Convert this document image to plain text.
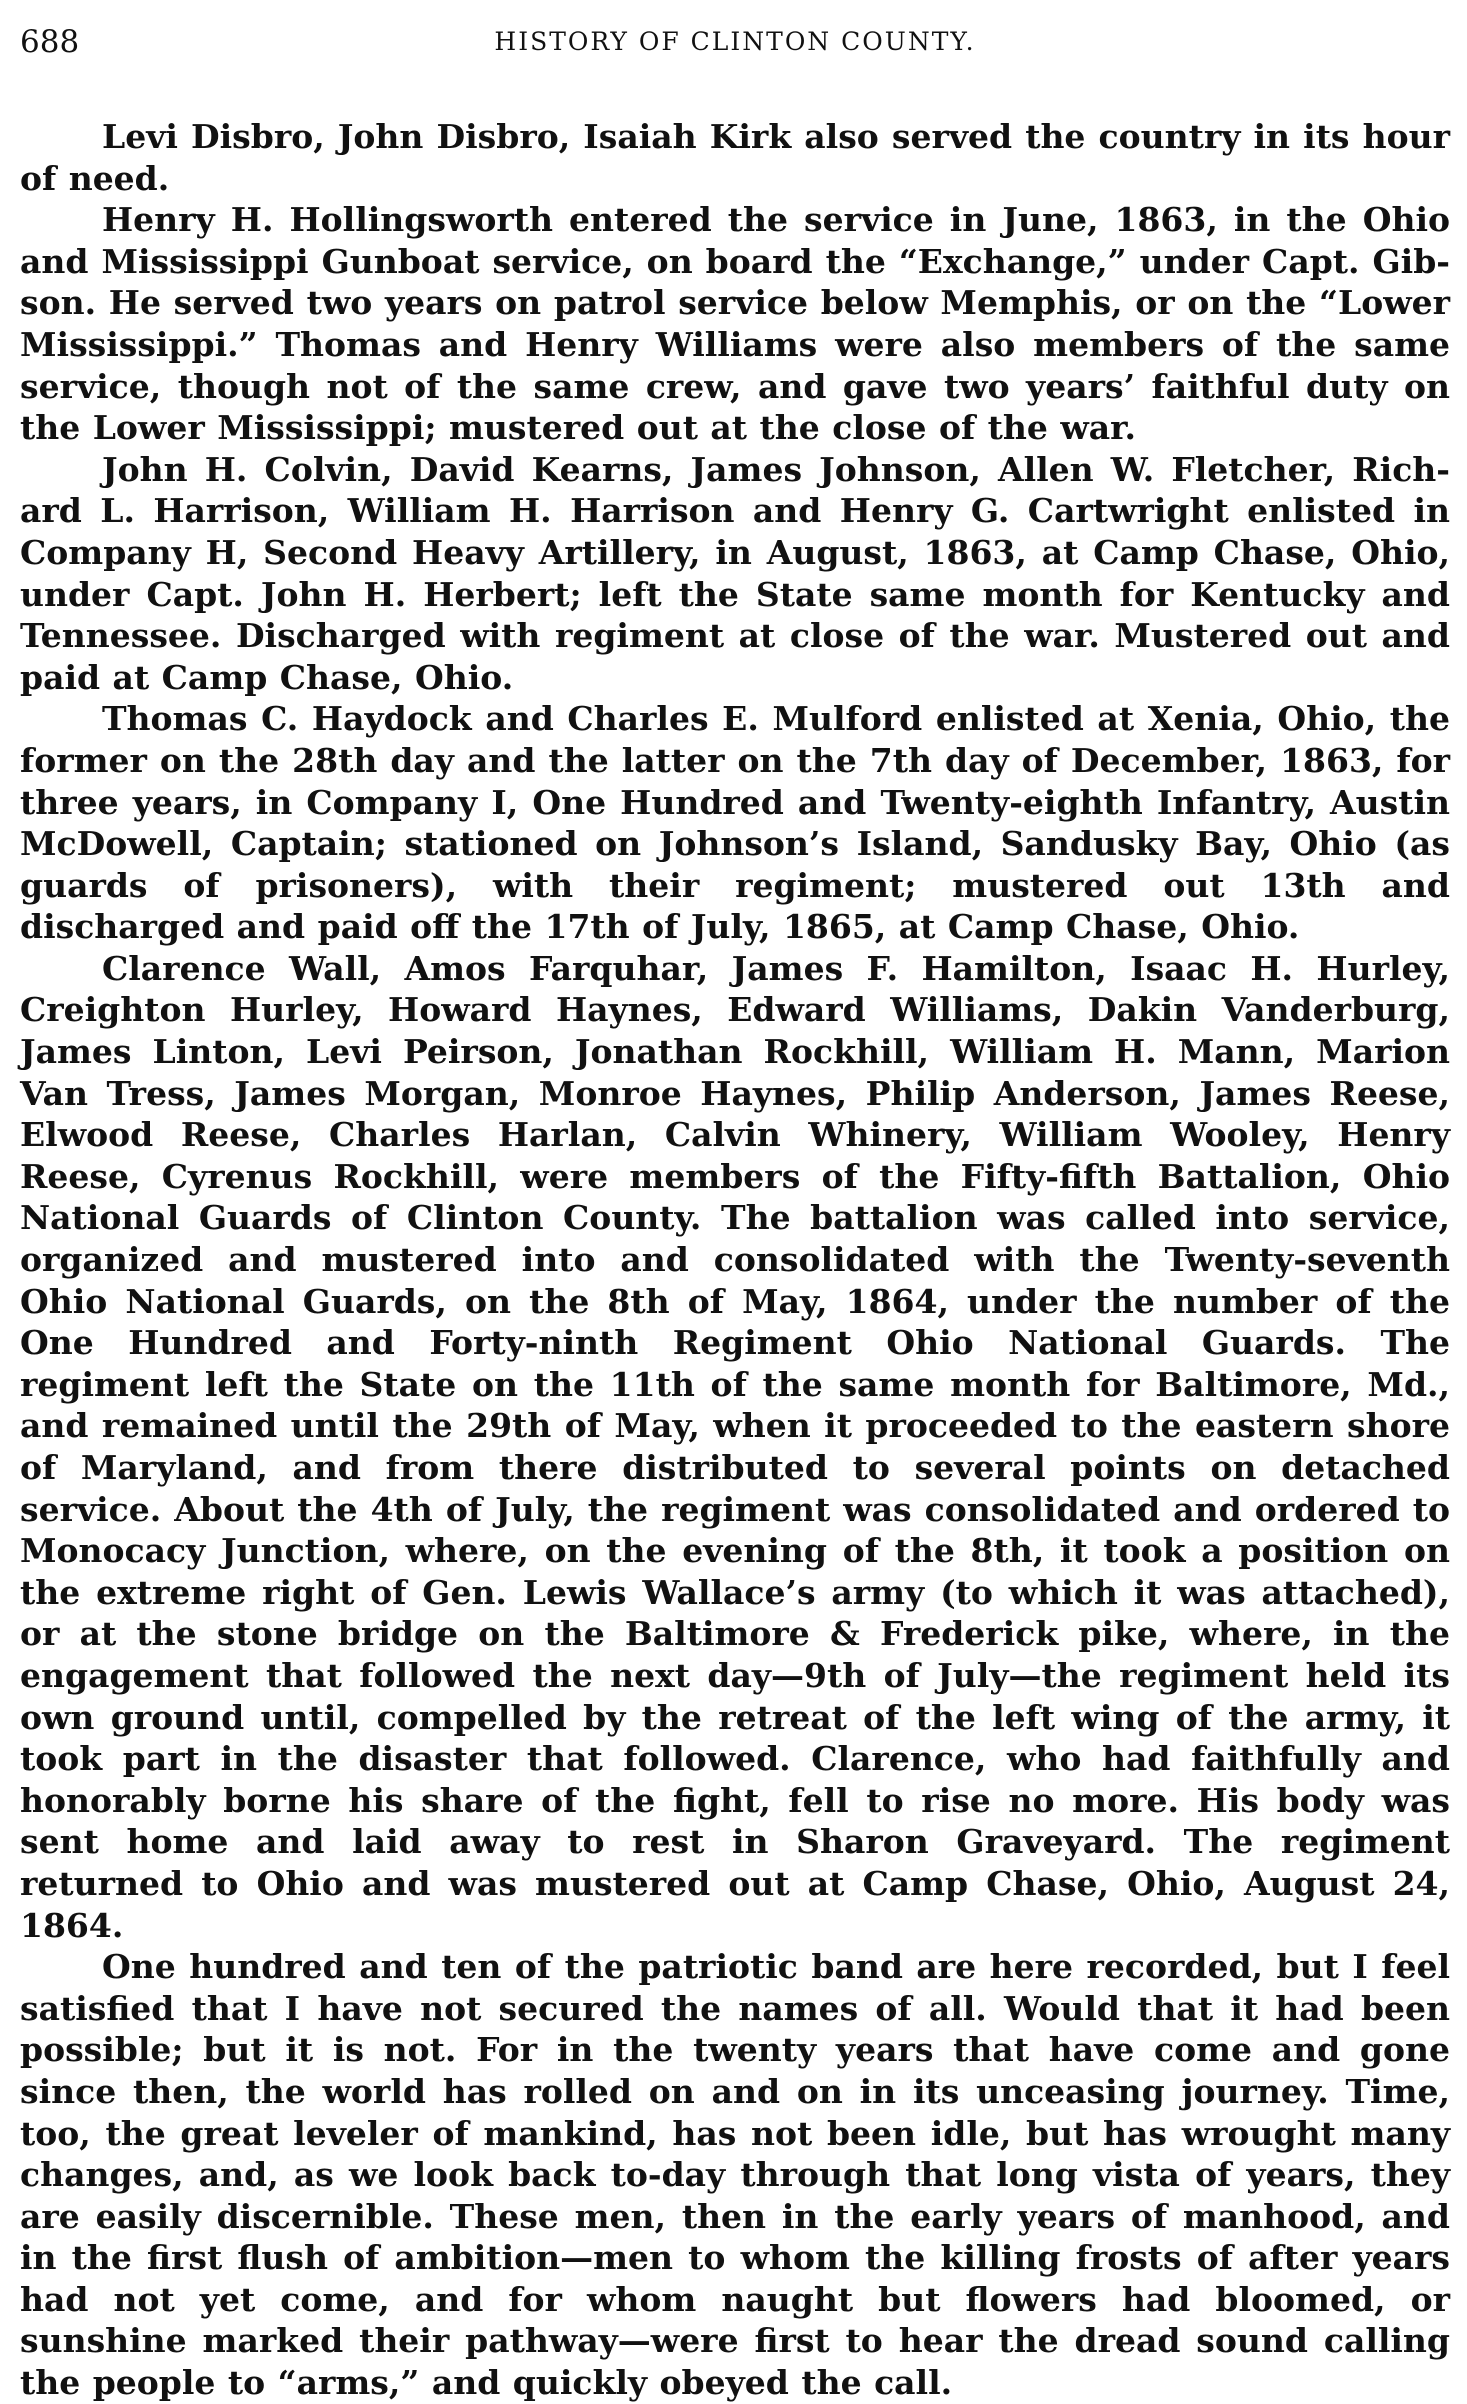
688	HISTORY OF CLINTON COUNTY.

Levi Disbro, John Disbro, Isaiah Kirk also served the country in its hour of need.

Henry H. Hollingsworth entered the service in June, 1863, in the Ohio and Mississippi Gunboat service, on board the “Exchange,” under Capt. Gibson. He served two years on patrol service below Memphis, or on the “Lower Mississippi.” Thomas and Henry Williams were also members of the same service, though not of the same crew, and gave two years’ faithful duty on the Lower Mississippi; mustered out at the close of the war.

John H. Colvin, David Kearns, James Johnson, Allen W. Fletcher, Richard L. Harrison, William H. Harrison and Henry G. Cartwright enlisted in Company H, Second Heavy Artillery, in August, 1863, at Camp Chase, Ohio, under Capt. John H. Herbert; left the State same month for Kentucky and Tennessee. Discharged with regiment at close of the war. Mustered out and paid at Camp Chase, Ohio.

Thomas C. Haydock and Charles E. Mulford enlisted at Xenia, Ohio, the former on the 28th day and the latter on the 7th day of December, 1863, for three years, in Company I, One Hundred and Twenty-eighth Infantry, Austin McDowell, Captain; stationed on Johnson’s Island, Sandusky Bay, Ohio (as guards of prisoners), with their regiment; mustered out 13th and discharged and paid off the 17th of July, 1865, at Camp Chase, Ohio.

Clarence Wall, Amos Farquhar, James F. Hamilton, Isaac H. Hurley, Creighton Hurley, Howard Haynes, Edward Williams, Dakin Vanderburg, James Linton, Levi Peirson, Jonathan Rockhill, William H. Mann, Marion Van Tress, James Morgan, Monroe Haynes, Philip Anderson, James Reese, Elwood Reese, Charles Harlan, Calvin Whinery, William Wooley, Henry Reese, Cyrenus Rockhill, were members of the Fifty-fifth Battalion, Ohio National Guards of Clinton County. The battalion was called into service, organized and mustered into and consolidated with the Twenty-seventh Ohio National Guards, on the 8th of May, 1864, under the number of the One Hundred and Forty-ninth Regiment Ohio National Guards. The regiment left the State on the 11th of the same month for Baltimore, Md., and remained until the 29th of May, when it proceeded to the eastern shore of Maryland, and from there distributed to several points on detached service. About the 4th of July, the regiment was consolidated and ordered to Monocacy Junction, where, on the evening of the 8th, it took a position on the extreme right of Gen. Lewis Wallace’s army (to which it was attached), or at the stone bridge on the Baltimore & Frederick pike, where, in the engagement that followed the next day—9th of July—the regiment held its own ground until, compelled by the retreat of the left wing of the army, it took part in the disaster that followed. Clarence, who had faithfully and honorably borne his share of the fight, fell to rise no more. His body was sent home and laid away to rest in Sharon Graveyard. The regiment returned to Ohio and was mustered out at Camp Chase, Ohio, August 24, 1864.

One hundred and ten of the patriotic band are here recorded, but I feel satisfied that I have not secured the names of all. Would that it had been possible; but it is not. For in the twenty years that have come and gone since then, the world has rolled on and on in its unceasing journey. Time, too, the great leveler of mankind, has not been idle, but has wrought many changes, and, as we look back to-day through that long vista of years, they are easily discernible. These men, then in the early years of manhood, and in the first flush of ambition—men to whom the killing frosts of after years had not yet come, and for whom naught but flowers had bloomed, or sunshine marked their pathway—were first to hear the dread sound calling the people to “arms,” and quickly obeyed the call.
